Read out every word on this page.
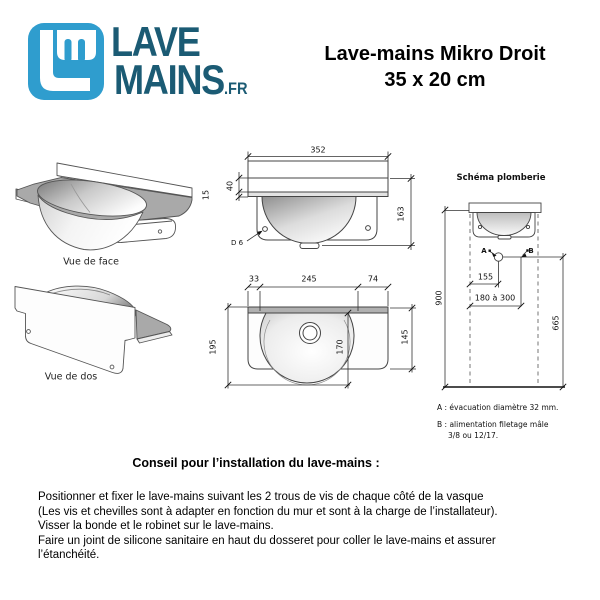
LAVE
MAINS.FR
Lave-mains Mikro Droit
35 x 20 cm
Vue de face
Vue de dos
352
40
15
163
D 6
33	245	74
195	170
145
Schéma plomberie
900
665
155
180 à 300
A	B
A : évacuation diamètre 32 mm.
B : alimentation filetage mâle
3/8 ou 12/17.
Conseil pour l’installation du lave-mains :
Positionner et fixer le lave-mains suivant les 2 trous de vis de chaque côté de la vasque
(Les vis et chevilles sont à adapter en fonction du mur et sont à la charge de l’installateur).
Visser la bonde et le robinet sur le lave-mains.
Faire un joint de silicone sanitaire en haut du dosseret pour coller le lave-mains et assurer
l’étanchéité.
